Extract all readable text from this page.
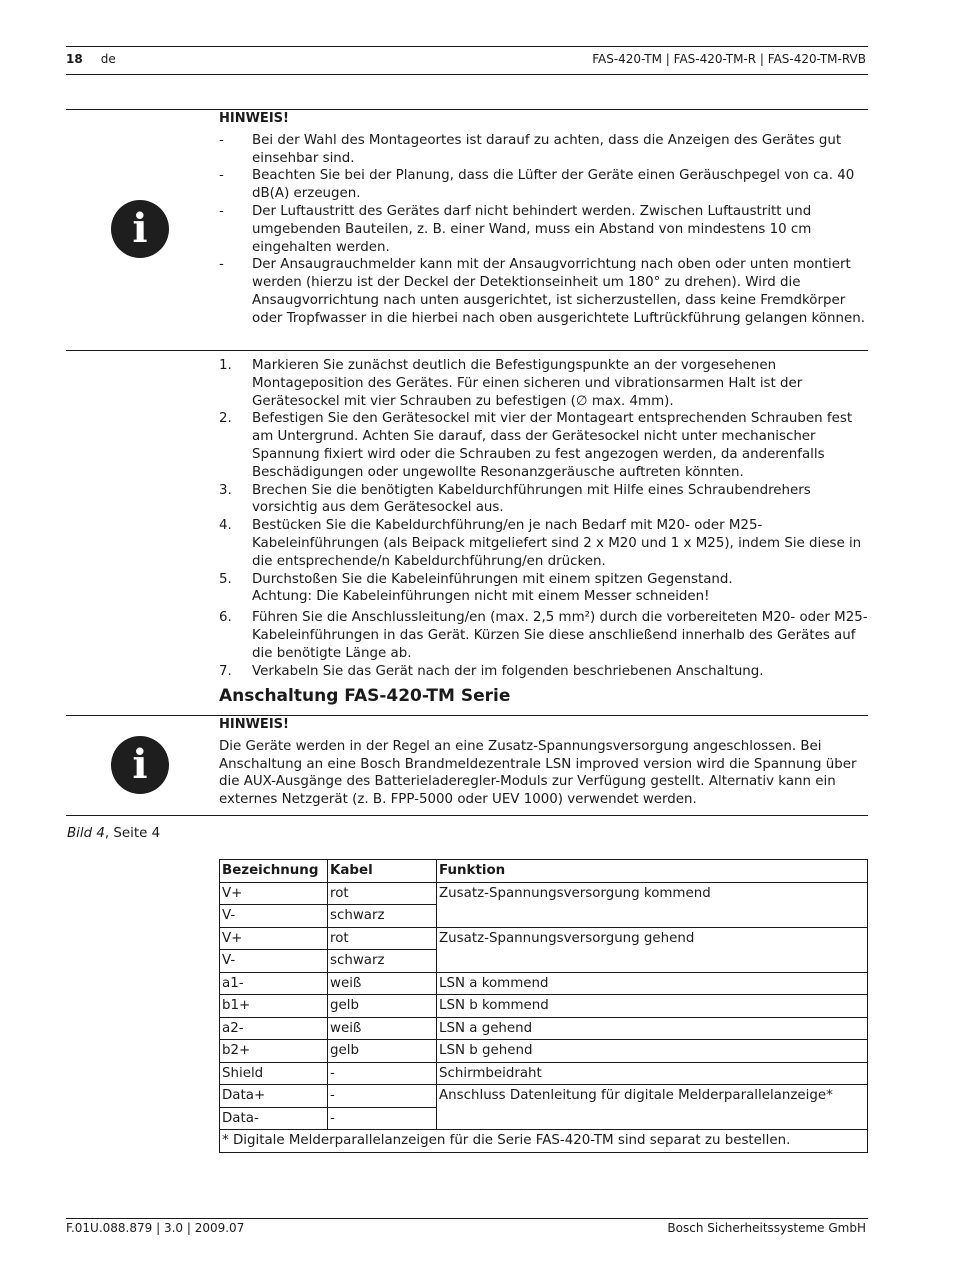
18 de	FAS-420-TM | FAS-420-TM-R | FAS-420-TM-RVB
i
HINWEIS!
- Bei der Wahl des Montageortes ist darauf zu achten, dass die Anzeigen des Gerätes gut einsehbar sind.
- Beachten Sie bei der Planung, dass die Lüfter der Geräte einen Geräuschpegel von ca. 40 dB(A) erzeugen.
- Der Luftaustritt des Gerätes darf nicht behindert werden. Zwischen Luftaustritt und umgebenden Bauteilen, z. B. einer Wand, muss ein Abstand von mindestens 10 cm eingehalten werden.
- Der Ansaugrauchmelder kann mit der Ansaugvorrichtung nach oben oder unten montiert werden (hierzu ist der Deckel der Detektionseinheit um 180° zu drehen). Wird die Ansaugvorrichtung nach unten ausgerichtet, ist sicherzustellen, dass keine Fremdkörper oder Tropfwasser in die hierbei nach oben ausgerichtete Luftrückführung gelangen können.
1. Markieren Sie zunächst deutlich die Befestigungspunkte an der vorgesehenen Montageposition des Gerätes. Für einen sicheren und vibrationsarmen Halt ist der Gerätesockel mit vier Schrauben zu befestigen (∅ max. 4mm).
2. Befestigen Sie den Gerätesockel mit vier der Montageart entsprechenden Schrauben fest am Untergrund. Achten Sie darauf, dass der Gerätesockel nicht unter mechanischer Spannung fixiert wird oder die Schrauben zu fest angezogen werden, da anderenfalls Beschädigungen oder ungewollte Resonanzgeräusche auftreten könnten.
3. Brechen Sie die benötigten Kabeldurchführungen mit Hilfe eines Schraubendrehers vorsichtig aus dem Gerätesockel aus.
4. Bestücken Sie die Kabeldurchführung/en je nach Bedarf mit M20- oder M25-Kabeleinführungen (als Beipack mitgeliefert sind 2 x M20 und 1 x M25), indem Sie diese in die entsprechende/n Kabeldurchführung/en drücken.
5. Durchstoßen Sie die Kabeleinführungen mit einem spitzen Gegenstand.
Achtung: Die Kabeleinführungen nicht mit einem Messer schneiden!
6. Führen Sie die Anschlussleitung/en (max. 2,5 mm²) durch die vorbereiteten M20- oder M25-Kabeleinführungen in das Gerät. Kürzen Sie diese anschließend innerhalb des Gerätes auf die benötigte Länge ab.
7. Verkabeln Sie das Gerät nach der im folgenden beschriebenen Anschaltung.
Anschaltung FAS-420-TM Serie
i
HINWEIS!

Die Geräte werden in der Regel an eine Zusatz-Spannungsversorgung angeschlossen. Bei Anschaltung an eine Bosch Brandmeldezentrale LSN improved version wird die Spannung über die AUX-Ausgänge des Batterieladeregler-Moduls zur Verfügung gestellt. Alternativ kann ein externes Netzgerät (z. B. FPP-5000 oder UEV 1000) verwendet werden.

Bild 4, Seite 4
Bezeichnung	Kabel	Funktion
V+	rot	Zusatz-Spannungsversorgung kommend
V-	schwarz	
V+	rot	Zusatz-Spannungsversorgung gehend
V-	schwarz	
a1-	weiß	LSN a kommend
b1+	gelb	LSN b kommend
a2-	weiß	LSN a gehend
b2+	gelb	LSN b gehend
Shield	-	Schirmbeidraht
Data+	-	Anschluss Datenleitung für digitale Melderparallelanzeige*
Data-	-	
* Digitale Melderparallelanzeigen für die Serie FAS-420-TM sind separat zu bestellen.		
F.01U.088.879 | 3.0 | 2009.07	Bosch Sicherheitssysteme GmbH
